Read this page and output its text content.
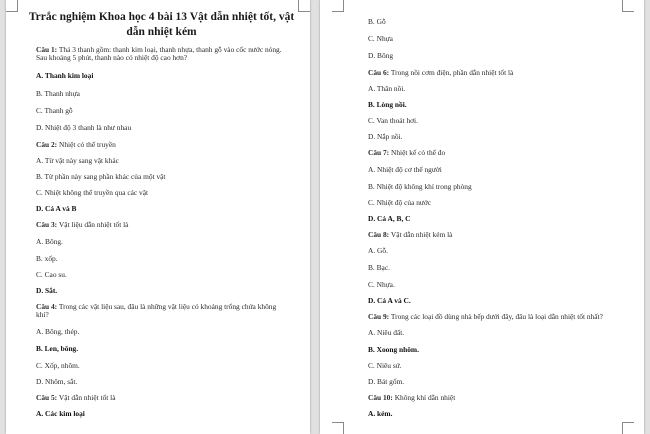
Trrắc nghiệm Khoa học 4 bài 13 Vật dẫn nhiệt tốt, vật dẫn nhiệt kém
Câu 1: Thả 3 thanh gồm: thanh kim loại, thanh nhựa, thanh gỗ vào cốc nước nóng.
Sau khoảng 5 phút, thanh nào có nhiệt độ cao hơn?
A. Thanh kim loại
B. Thanh nhựa
C. Thanh gỗ
D. Nhiệt độ 3 thanh là như nhau
Câu 2: Nhiệt có thể truyền
A. Từ vật này sang vật khác
B. Từ phần này sang phần khác của một vật
C. Nhiệt không thể truyền qua các vật
D. Cả A và B
Câu 3: Vật liệu dẫn nhiệt tốt là
A. Bông.
B. xốp.
C. Cao su.
D. Sắt.
Câu 4: Trong các vật liệu sau, đâu là những vật liệu có khoảng trống chứa không
khí?
A. Bông, thép.
B. Len, bông.
C. Xốp, nhôm.
D. Nhôm, sắt.
Câu 5: Vật dẫn nhiệt tốt là
A. Các kim loại
B. Gỗ
C. Nhựa
D. Bông
Câu 6: Trong nồi cơm điện, phần dẫn nhiệt tốt là
A. Thân nồi.
B. Lòng nồi.
C. Van thoát hơi.
D. Nắp nồi.
Câu 7: Nhiệt kế có thể đo
A. Nhiệt độ cơ thể người
B. Nhiệt độ không khí trong phòng
C. Nhiệt độ của nước
D. Cả A, B, C
Câu 8: Vật dẫn nhiệt kém là
A. Gỗ.
B. Bạc.
C. Nhựa.
D. Cả A và C.
Câu 9: Trong các loại đồ dùng nhà bếp dưới đây, đâu là loại dẫn nhiệt tốt nhất?
A. Niêu đất.
B. Xoong nhôm.
C. Niêu sứ.
D. Bát gốm.
Câu 10: Không khí dẫn nhiệt
A. kém.
